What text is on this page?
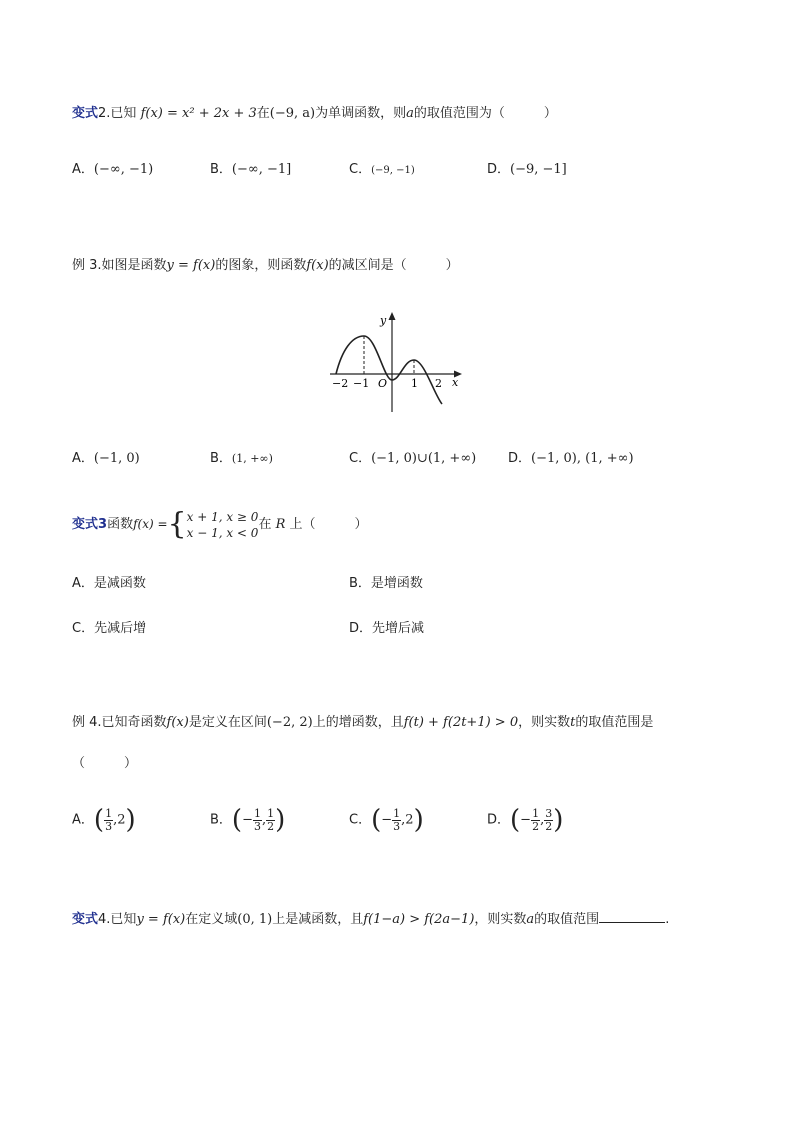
变式2.已知 f(x) = x² + 2x + 3在(−9, a)为单调函数，则a的取值范围为（　　　）
A．(−∞, −1)	B．(−∞, −1]	C．(−9, −1)	D．(−9, −1]
例 3.如图是函数y = f(x)的图象，则函数f(x)的减区间是（　　　）
y
x
O
−2 −1	1 2
A．(−1, 0)	B．(1, +∞)	C．(−1, 0)∪(1, +∞) D．(−1, 0), (1, +∞)
变式3函数f(x) ={ x + 1, x ≥ 0
x − 1, x < 0
在 R 上（　　　）
A．是减函数	B．是增函数
C．先减后增	D．先增后减
例 4.已知奇函数f(x)是定义在区间(−2, 2)上的增函数，且f(t) + f(2t+1) > 0，则实数t的取值范围是
（　　　）
A．( $\frac{1}{3} ,2$)	B．(− $\frac{1}{3}$ , $\frac{1}{2}$ )	C．(− $\frac{1}{3} ,2$)	D．(− $\frac{1}{2}$ , $\frac{3}{2}$ )
变式4.已知y = f(x)在定义域(0, 1)上是减函数，且f(1−a) > f(2a−1)，则实数a的取值范围	.
